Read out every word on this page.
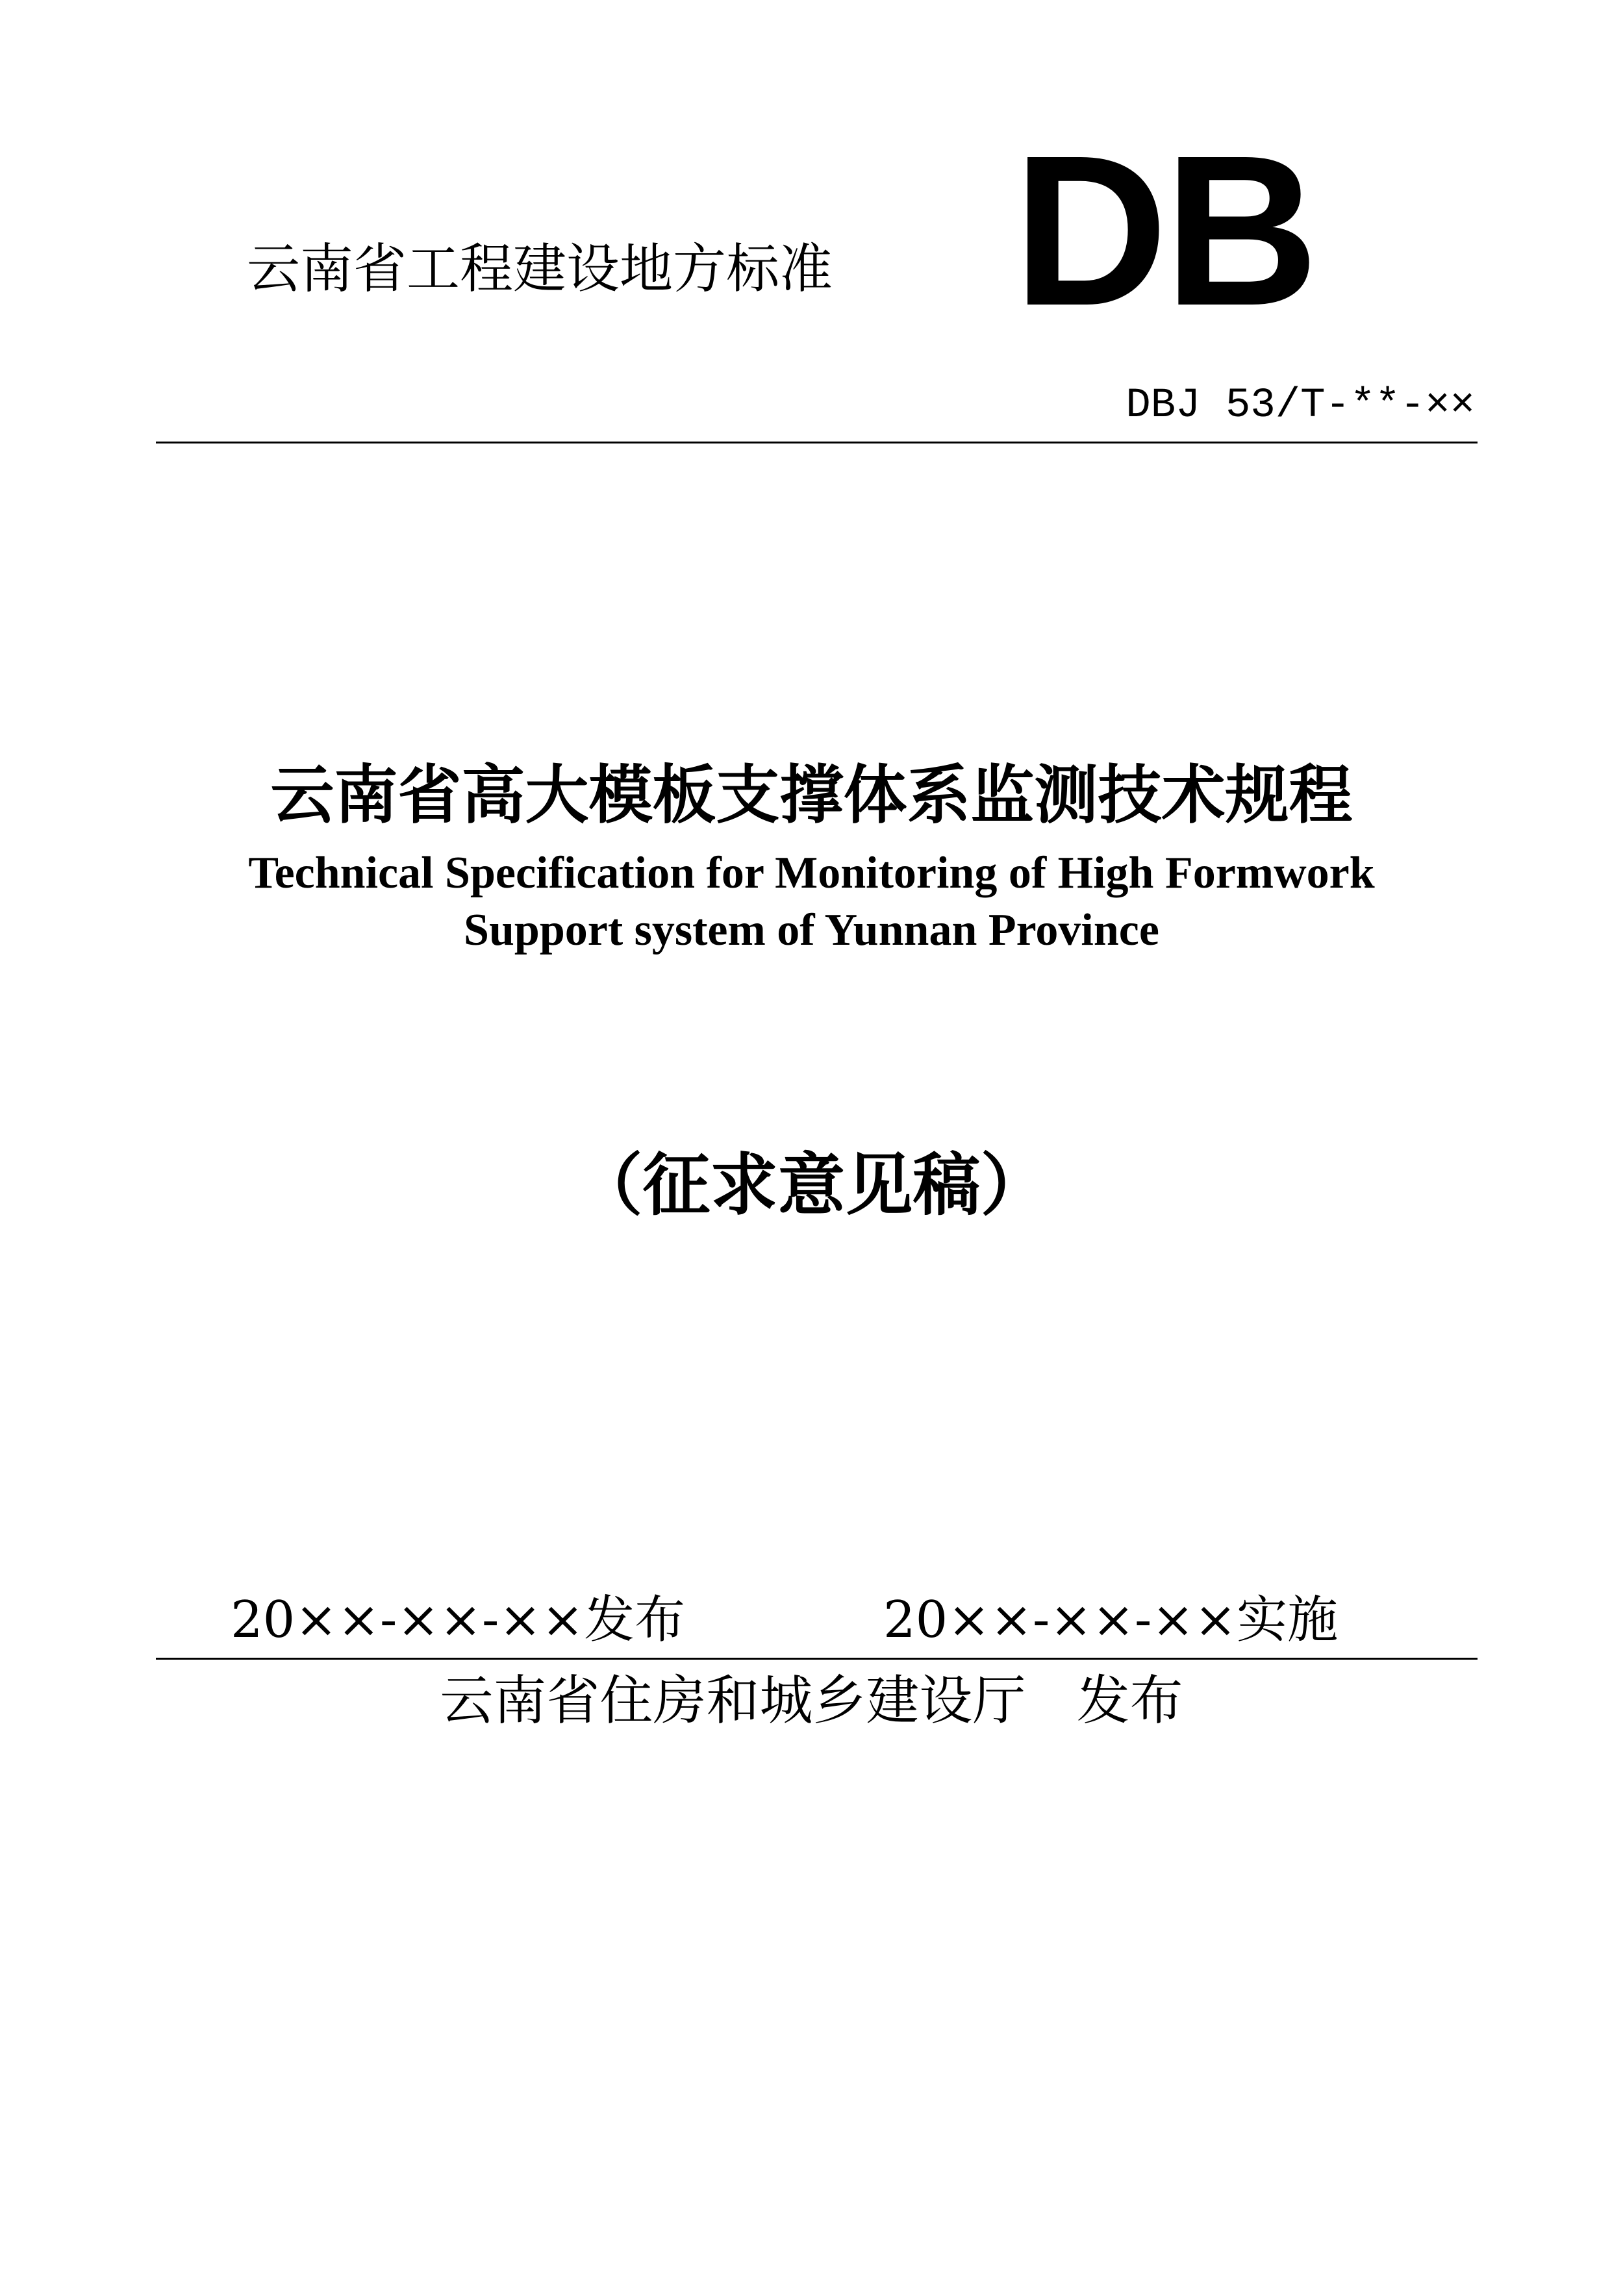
云南省工程建设地方标准 DB
DBJ 53/T-**-××
云南省高大模板支撑体系监测技术规程
Technical Specification for Monitoring of High Formwork
Support system of Yunnan Province
（征求意见稿）
20××-××-××发布	20××-××-××实施
云南省住房和城乡建设厅   发布
